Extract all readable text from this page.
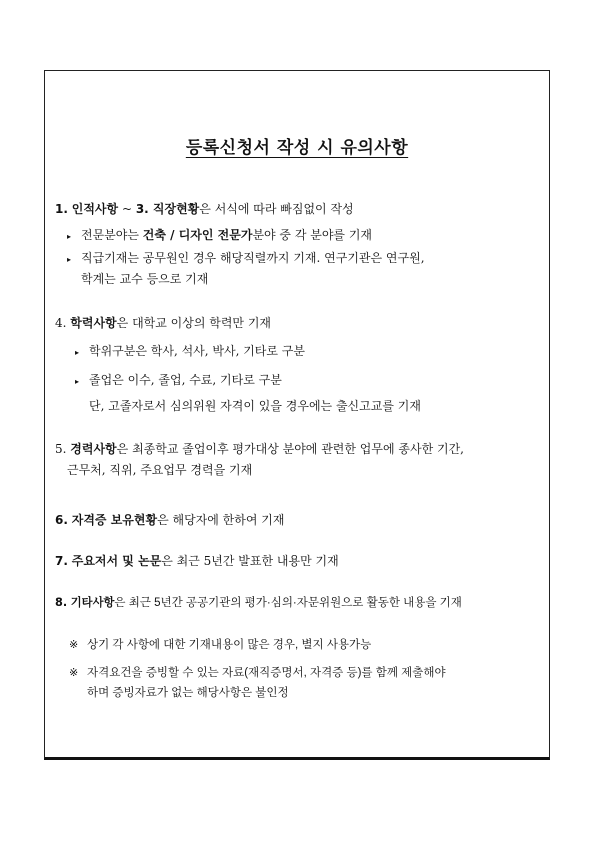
등록신청서 작성 시 유의사항
1. 인적사항 ~ 3. 직장현황은 서식에 따라 빠짐없이 작성
▸ 전문분야는 건축 / 디자인 전문가분야 중 각 분야를 기재
▸ 직급기재는 공무원인 경우 해당직렬까지 기재. 연구기관은 연구원,
학계는 교수 등으로 기재
4. 학력사항은 대학교 이상의 학력만 기재
▸ 학위구분은 학사, 석사, 박사, 기타로 구분
▸ 졸업은 이수, 졸업, 수료, 기타로 구분
단, 고졸자로서 심의위원 자격이 있을 경우에는 출신고교를 기재
5. 경력사항은 최종학교 졸업이후 평가대상 분야에 관련한 업무에 종사한 기간,
근무처, 직위, 주요업무 경력을 기재
6. 자격증 보유현황은 해당자에 한하여 기재
7. 주요저서 및 논문은 최근 5년간 발표한 내용만 기재
8. 기타사항은 최근 5년간 공공기관의 평가·심의·자문위원으로 활동한 내용을 기재
※ 상기 각 사항에 대한 기재내용이 많은 경우, 별지 사용가능
※ 자격요건을 증빙할 수 있는 자료(재직증명서, 자격증 등)를 함께 제출해야
하며 증빙자료가 없는 해당사항은 불인정
